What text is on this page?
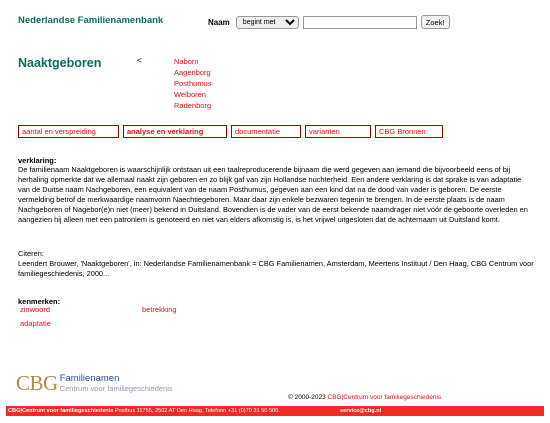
Nederlandse Familienamenbank	Naam
begint met	Zoek!
Naaktgeboren	<	Naborn
Aagenborg
Posthumus
Welboren
Radenborg
aantal en verspreiding	analyse en verklaring	documentatie	varianten	CBG Bronnen
verklaring:
De familienaam Naaktgeboren is waarschijnlijk ontstaan uit een taalreproducerende bijnaam die werd gegeven aan iemand die bijvoorbeeld eens of bij herhaling opmerkte dat we allemaal naakt zijn geboren en zo blijk gaf van zijn Hollandse nuchterheid. Een andere verklaring is dat sprake is van adaptatie van de Duitse naam Nachgeboren, een equivalent van de naam Posthumus, gegeven aan een kind dat na de dood van vader is geboren. De eerste vermelding betrof de merkwaardige naamvorm Naechtiegeboren. Maar daar zijn enkele bezwaren tegenin te brengen. In de eerste plaats is de naam Nachgeboren of Nagebor(e)n niet (meer) bekend in Duitsland. Bovendien is de vader van de eerst bekende naamdrager niet vóór de geboorte overleden en aangezien hij alleen met een patroniem is genoteerd en niet van elders afkomstig is, is het vrijwel uitgesloten dat de achternaam uit Duitsland komt.
Citeren:
Leendert Brouwer, 'Naaktgeboren', in: Nederlandse Familienamenbank = CBG Familienamen, Amsterdam, Meertens Instituut / Den Haag, CBG Centrum voor familiegeschiedenis, 2000...
kenmerken:
zinwoord	betrekking
adaptatie
CBG Familienamen
Centrum voor familiegeschiedenis
© 2000-2023 CBG|Centrum voor familiegeschiedenis
CBG|Centrum voor familiegeschiedenis Postbus 11755, 2502 AT Den Haag. Telefoon +31 (0)70 31 50 500.	service@cbg.nl
